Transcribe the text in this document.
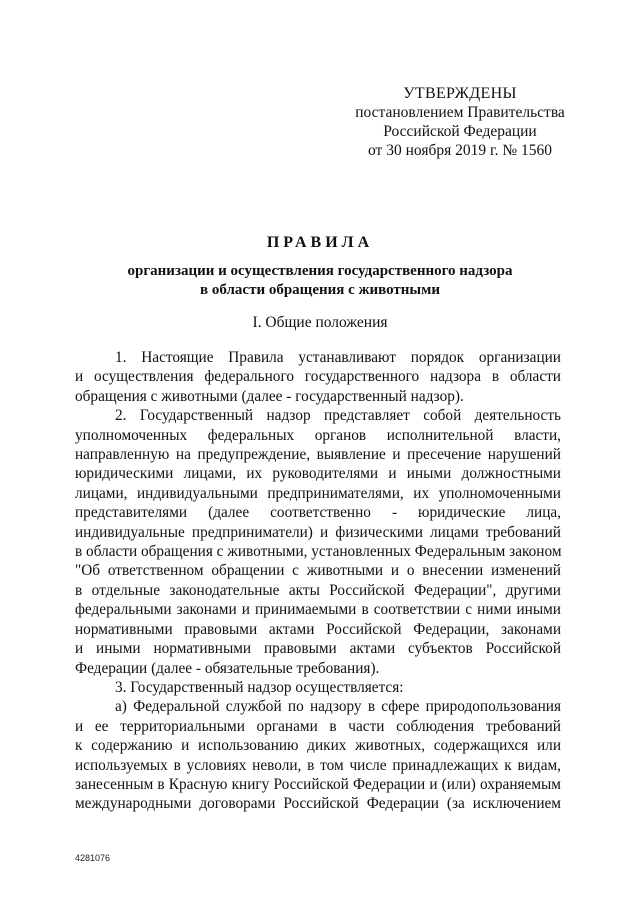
УТВЕРЖДЕНЫ
постановлением Правительства
Российской Федерации
от 30 ноября 2019 г. № 1560
ПРАВИЛА
организации и осуществления государственного надзора
в области обращения с животными
I. Общие положения
1. Настоящие Правила устанавливают порядок организации
и осуществления федерального государственного надзора в области
обращения с животными (далее - государственный надзор).
2. Государственный надзор представляет собой деятельность
уполномоченных федеральных органов исполнительной власти,
направленную на предупреждение, выявление и пресечение нарушений
юридическими лицами, их руководителями и иными должностными
лицами, индивидуальными предпринимателями, их уполномоченными
представителями (далее соответственно - юридические лица,
индивидуальные предприниматели) и физическими лицами требований
в области обращения с животными, установленных Федеральным законом
"Об ответственном обращении с животными и о внесении изменений
в отдельные законодательные акты Российской Федерации", другими
федеральными законами и принимаемыми в соответствии с ними иными
нормативными правовыми актами Российской Федерации, законами
и иными нормативными правовыми актами субъектов Российской
Федерации (далее - обязательные требования).
3. Государственный надзор осуществляется:
а) Федеральной службой по надзору в сфере природопользования
и ее территориальными органами в части соблюдения требований
к содержанию и использованию диких животных, содержащихся или
используемых в условиях неволи, в том числе принадлежащих к видам,
занесенным в Красную книгу Российской Федерации и (или) охраняемым
международными договорами Российской Федерации (за исключением
4281076
